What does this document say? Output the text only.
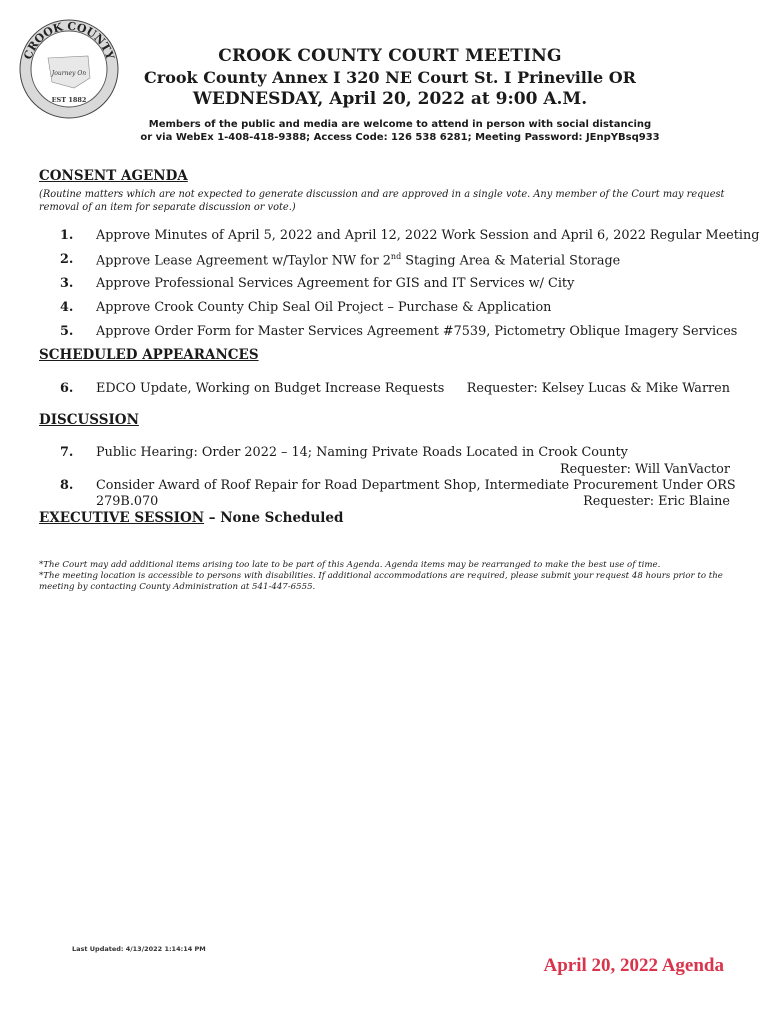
CROOK COUNTY
Journey On
EST 1882
CROOK COUNTY COURT MEETING
Crook County Annex I 320 NE Court St. I Prineville OR
WEDNESDAY, April 20, 2022 at 9:00 A.M.
Members of the public and media are welcome to attend in person with social distancing
or via WebEx 1-408-418-9388; Access Code: 126 538 6281; Meeting Password: JEnpYBsq933
CONSENT AGENDA
(Routine matters which are not expected to generate discussion and are approved in a single vote. Any member of the Court may request removal of an item for separate discussion or vote.)
1. Approve Minutes of April 5, 2022 and April 12, 2022 Work Session and April 6, 2022 Regular Meeting
2. Approve Lease Agreement w/Taylor NW for 2nd Staging Area & Material Storage
3. Approve Professional Services Agreement for GIS and IT Services w/ City
4. Approve Crook County Chip Seal Oil Project – Purchase & Application
5. Approve Order Form for Master Services Agreement #7539, Pictometry Oblique Imagery Services
SCHEDULED APPEARANCES
6. EDCO Update, Working on Budget Increase Requests Requester: Kelsey Lucas & Mike Warren
DISCUSSION
7. Public Hearing: Order 2022 – 14; Naming Private Roads Located in Crook County
Requester: Will VanVactor
8. Consider Award of Roof Repair for Road Department Shop, Intermediate Procurement Under ORS
279B.070	Requester: Eric Blaine
EXECUTIVE SESSION – None Scheduled
*The Court may add additional items arising too late to be part of this Agenda. Agenda items may be rearranged to make the best use of time.
*The meeting location is accessible to persons with disabilities. If additional accommodations are required, please submit your request 48 hours prior to the meeting by contacting County Administration at 541-447-6555.
Last Updated: 4/13/2022 1:14:14 PM
April 20, 2022 Agenda
